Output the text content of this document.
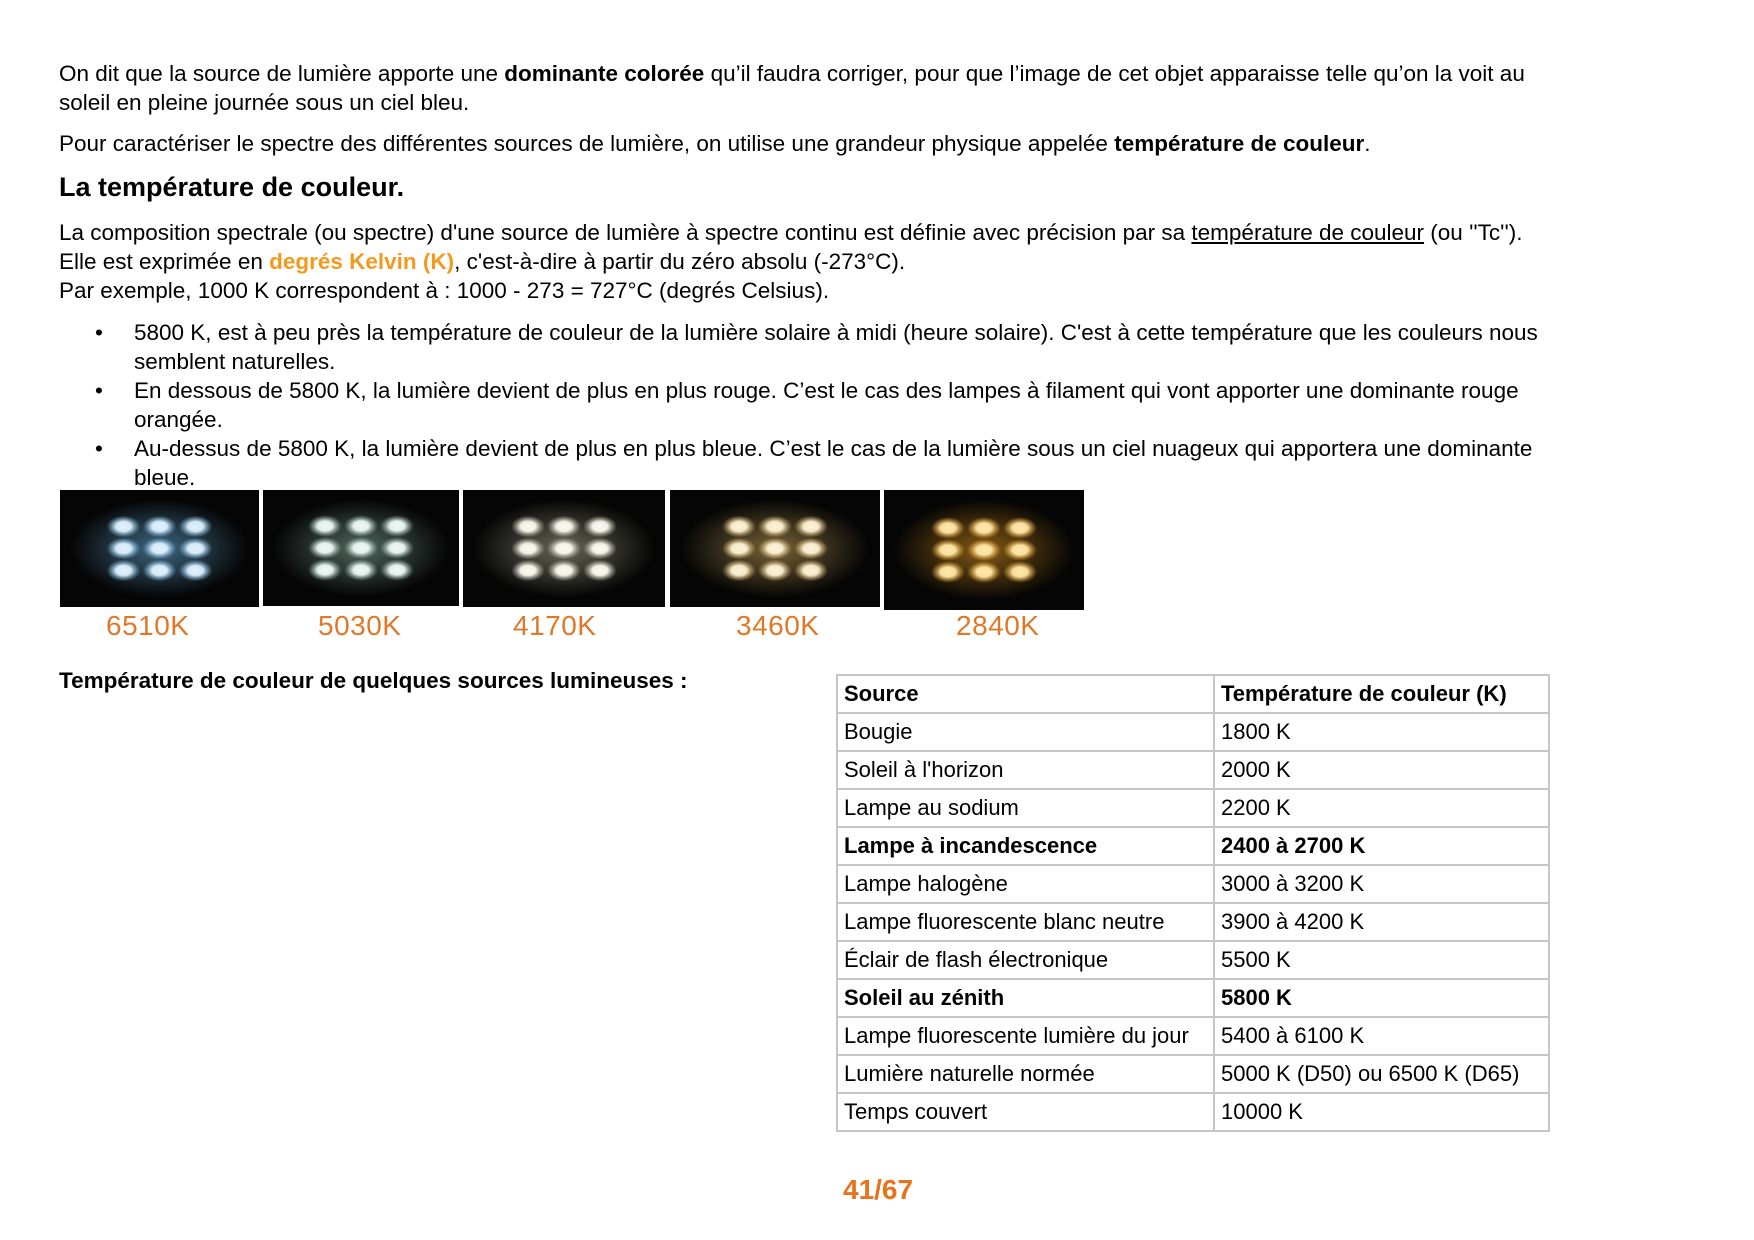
On dit que la source de lumière apporte une dominante colorée qu’il faudra corriger, pour que l’image de cet objet apparaisse telle qu’on la voit au
soleil en pleine journée sous un ciel bleu.

Pour caractériser le spectre des différentes sources de lumière, on utilise une grandeur physique appelée température de couleur.

La température de couleur.

La composition spectrale (ou spectre) d'une source de lumière à spectre continu est définie avec précision par sa température de couleur (ou ''Tc'').
Elle est exprimée en degrés Kelvin (K), c'est-à-dire à partir du zéro absolu (-273°C).
Par exemple, 1000 K correspondent à : 1000 - 273 = 727°C (degrés Celsius).

• 5800 K, est à peu près la température de couleur de la lumière solaire à midi (heure solaire). C'est à cette température que les couleurs nous
semblent naturelles.
• En dessous de 5800 K, la lumière devient de plus en plus rouge. C’est le cas des lampes à filament qui vont apporter une dominante rouge
orangée.
• Au-dessus de 5800 K, la lumière devient de plus en plus bleue. C’est le cas de la lumière sous un ciel nuageux qui apportera une dominante
bleue.
6510K	5030K	4170K	3460K	2840K

Température de couleur de quelques sources lumineuses :

Source	Température de couleur (K)
Bougie	1800 K
Soleil à l'horizon	2000 K
Lampe au sodium	2200 K
Lampe à incandescence	2400 à 2700 K
Lampe halogène	3000 à 3200 K
Lampe fluorescente blanc neutre	3900 à 4200 K
Éclair de flash électronique	5500 K
Soleil au zénith	5800 K
Lampe fluorescente lumière du jour	5400 à 6100 K
Lumière naturelle normée	5000 K (D50) ou 6500 K (D65)
Temps couvert	10000 K
41/67
